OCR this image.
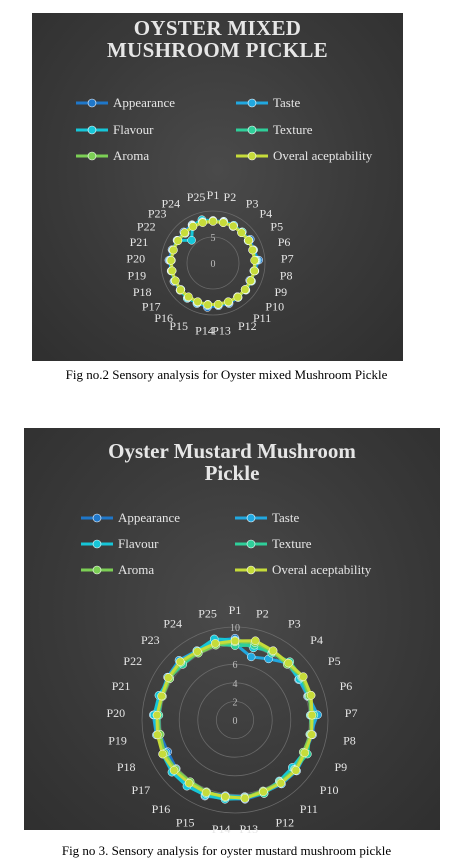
OYSTER MIXED MUSHROOM PICKLE
Appearance	Taste
Flavour	Texture
Aroma	Overal aceptability
0
5
P1 P2 P3
P4
P5
P6
P7
P8
P9
P10
P11
P12
P13
P14
P15
P16
P17
P18
P19
P20
P21
P22
P23
P24 P25
Fig no.2 Sensory analysis for Oyster mixed Mushroom Pickle
Oyster Mustard Mushroom Pickle
Appearance	Taste
Flavour	Texture
Aroma	Overal aceptability
0
2
4
6
10
P1 P2
P3
P4
P5
P6
P7
P8
P9
P10
P11
P12
P13
P14
P15
P16
P17
P18
P19
P20
P21
P22
P23
P24
P25
Fig no 3. Sensory analysis for oyster mustard mushroom pickle
